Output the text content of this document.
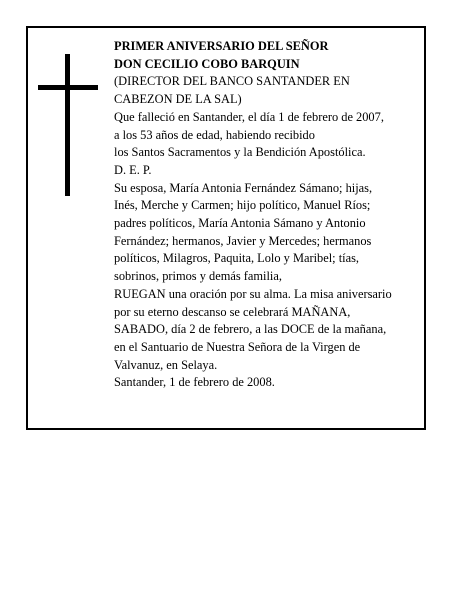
PRIMER ANIVERSARIO DEL SEÑOR
DON CECILIO COBO BARQUIN
(DIRECTOR DEL BANCO SANTANDER EN
CABEZON DE LA SAL)
Que falleció en Santander, el día 1 de febrero de 2007,
a los 53 años de edad, habiendo recibido
los Santos Sacramentos y la Bendición Apostólica.
D. E. P.
Su esposa, María Antonia Fernández Sámano; hijas,
Inés, Merche y Carmen; hijo político, Manuel Ríos;
padres políticos, María Antonia Sámano y Antonio
Fernández; hermanos, Javier y Mercedes; hermanos
políticos, Milagros, Paquita, Lolo y Maribel; tías,
sobrinos, primos y demás familia,
RUEGAN una oración por su alma. La misa aniversario
por su eterno descanso se celebrará MAÑANA,
SABADO, día 2 de febrero, a las DOCE de la mañana,
en el Santuario de Nuestra Señora de la Virgen de
Valvanuz, en Selaya.
Santander, 1 de febrero de 2008.
